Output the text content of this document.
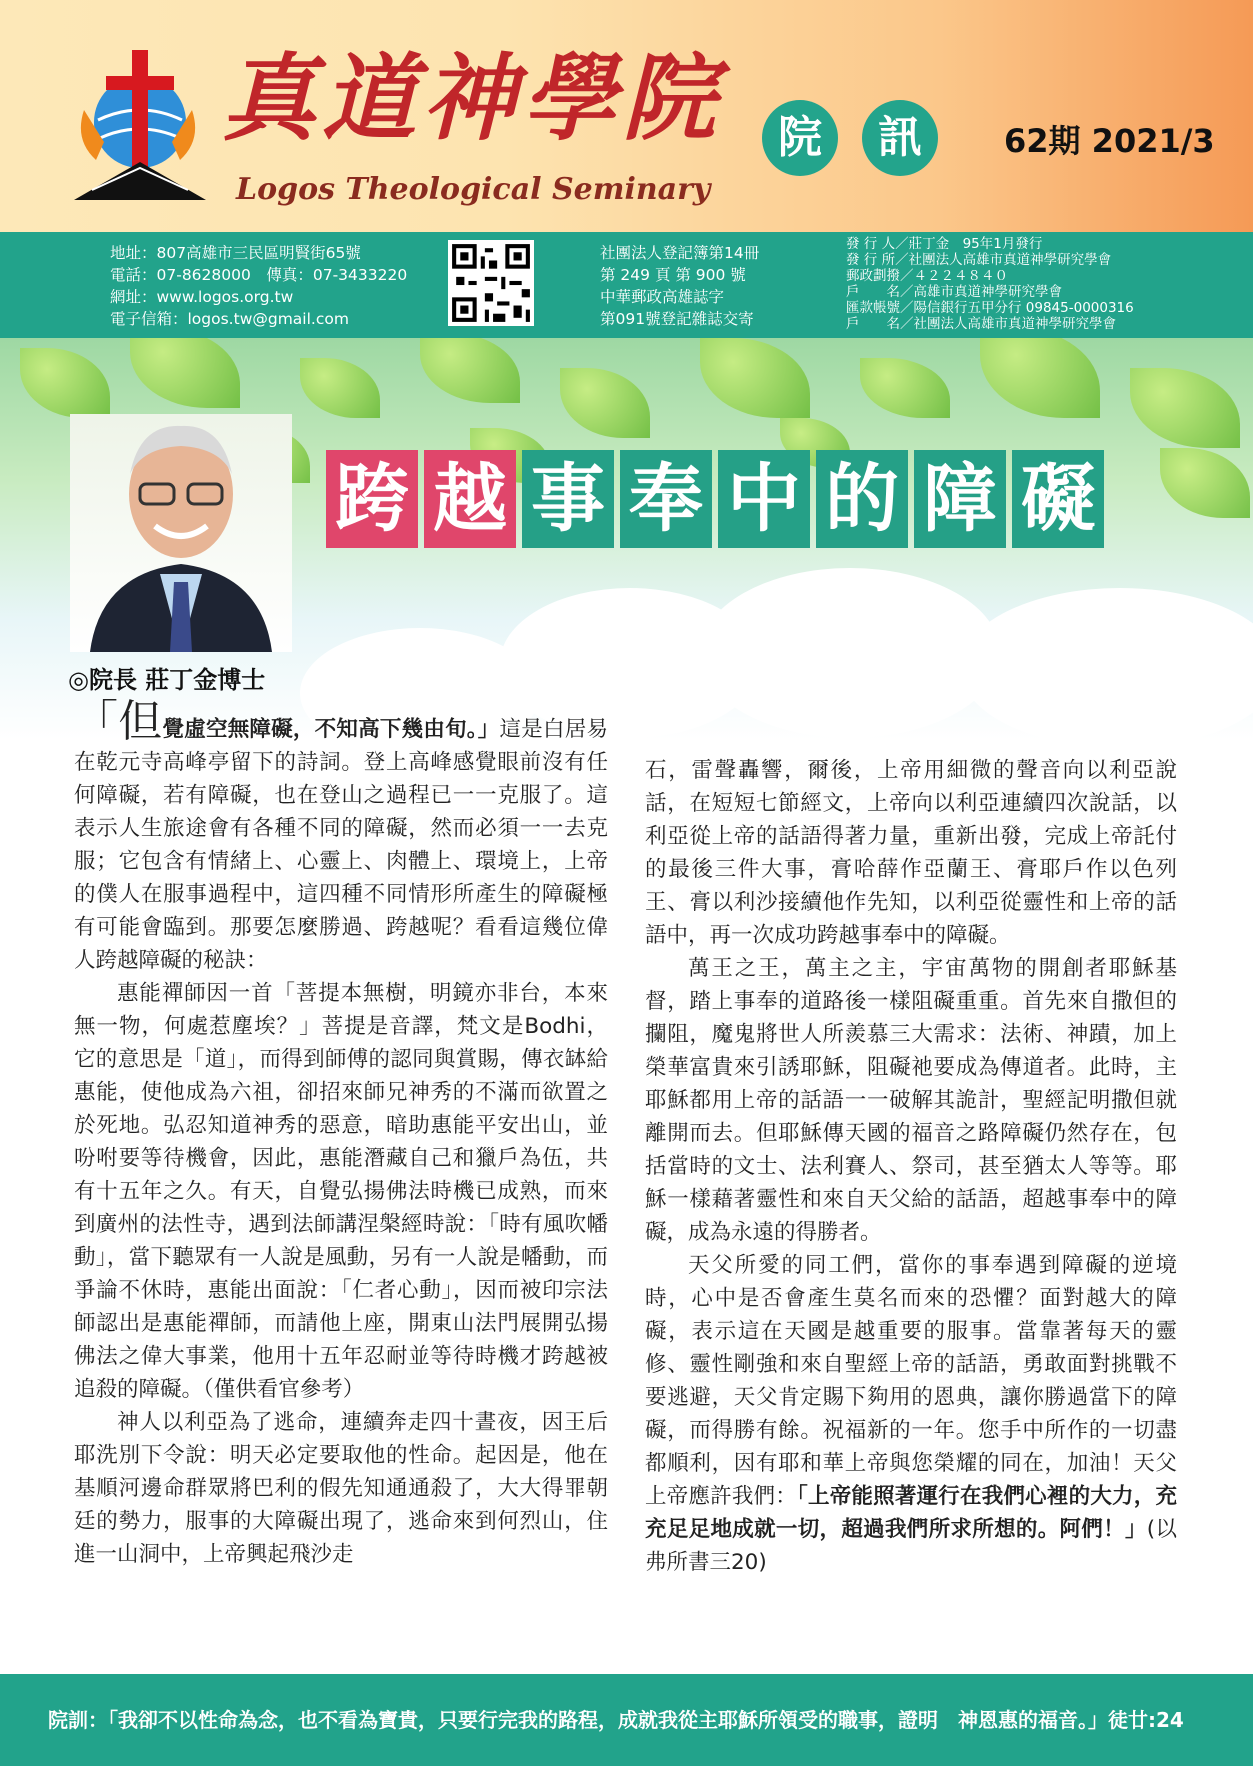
真道神學院
Logos Theological Seminary
院	訊	62期 2021/3
地址：807高雄市三民區明賢街65號
電話：07-8628000　傳真：07-3433220
網址：www.logos.org.tw
電子信箱：logos.tw@gmail.com
社團法人登記簿第14冊
第 249 頁 第 900 號
中華郵政高雄誌字
第091號登記雜誌交寄
發 行 人／莊丁金　95年1月發行
發 行 所／社團法人高雄市真道神學研究學會
郵政劃撥／４２２４８４０
戶　　名／高雄市真道神學研究學會
匯款帳號／陽信銀行五甲分行 09845-0000316
戶　　名／社團法人高雄市真道神學研究學會
跨 越 事 奉 中 的 障 礙
◎院長 莊丁金博士

「但覺虛空無障礙，不知高下幾由旬。」這是白居易在乾元寺高峰亭留下的詩詞。登上高峰感覺眼前沒有任何障礙，若有障礙，也在登山之過程已一一克服了。這表示人生旅途會有各種不同的障礙，然而必須一一去克服；它包含有情緒上、心靈上、肉體上、環境上，上帝的僕人在服事過程中，這四種不同情形所產生的障礙極有可能會臨到。那要怎麼勝過、跨越呢？看看這幾位偉人跨越障礙的秘訣：

惠能禪師因一首「菩提本無樹，明鏡亦非台，本來無一物，何處惹塵埃？」菩提是音譯，梵文是Bodhi，它的意思是「道」，而得到師傅的認同與賞賜，傳衣缽給惠能，使他成為六祖，卻招來師兄神秀的不滿而欲置之於死地。弘忍知道神秀的惡意，暗助惠能平安出山，並吩咐要等待機會，因此，惠能潛藏自己和獵戶為伍，共有十五年之久。有天，自覺弘揚佛法時機已成熟，而來到廣州的法性寺，遇到法師講涅槃經時說：「時有風吹幡動」，當下聽眾有一人說是風動，另有一人說是幡動，而爭論不休時，惠能出面說：「仁者心動」，因而被印宗法師認出是惠能禪師，而請他上座，開東山法門展開弘揚佛法之偉大事業，他用十五年忍耐並等待時機才跨越被追殺的障礙。（僅供看官參考）

神人以利亞為了逃命，連續奔走四十晝夜，因王后耶洗別下令說：明天必定要取他的性命。起因是，他在基順河邊命群眾將巴利的假先知通通殺了，大大得罪朝廷的勢力，服事的大障礙出現了，逃命來到何烈山，住進一山洞中，上帝興起飛沙走

石，雷聲轟響，爾後，上帝用細微的聲音向以利亞說話，在短短七節經文，上帝向以利亞連續四次說話，以利亞從上帝的話語得著力量，重新出發，完成上帝託付的最後三件大事，膏哈薛作亞蘭王、膏耶戶作以色列王、膏以利沙接續他作先知，以利亞從靈性和上帝的話語中，再一次成功跨越事奉中的障礙。

萬王之王，萬主之主，宇宙萬物的開創者耶穌基督，踏上事奉的道路後一樣阻礙重重。首先來自撒但的攔阻，魔鬼將世人所羨慕三大需求：法術、神蹟，加上榮華富貴來引誘耶穌，阻礙祂要成為傳道者。此時，主耶穌都用上帝的話語一一破解其詭計，聖經記明撒但就離開而去。但耶穌傳天國的福音之路障礙仍然存在，包括當時的文士、法利賽人、祭司，甚至猶太人等等。耶穌一樣藉著靈性和來自天父給的話語，超越事奉中的障礙，成為永遠的得勝者。

天父所愛的同工們，當你的事奉遇到障礙的逆境時，心中是否會產生莫名而來的恐懼？面對越大的障礙，表示這在天國是越重要的服事。當靠著每天的靈修、靈性剛強和來自聖經上帝的話語，勇敢面對挑戰不要逃避，天父肯定賜下夠用的恩典，讓你勝過當下的障礙，而得勝有餘。祝福新的一年。您手中所作的一切盡都順利，因有耶和華上帝與您榮耀的同在，加油！天父上帝應許我們：「上帝能照著運行在我們心裡的大力，充充足足地成就一切，超過我們所求所想的。阿們！」(以弗所書三20)

院訓：「我卻不以性命為念，也不看為寶貴，只要行完我的路程，成就我從主耶穌所領受的職事，證明　神恩惠的福音。」徒廿:24
